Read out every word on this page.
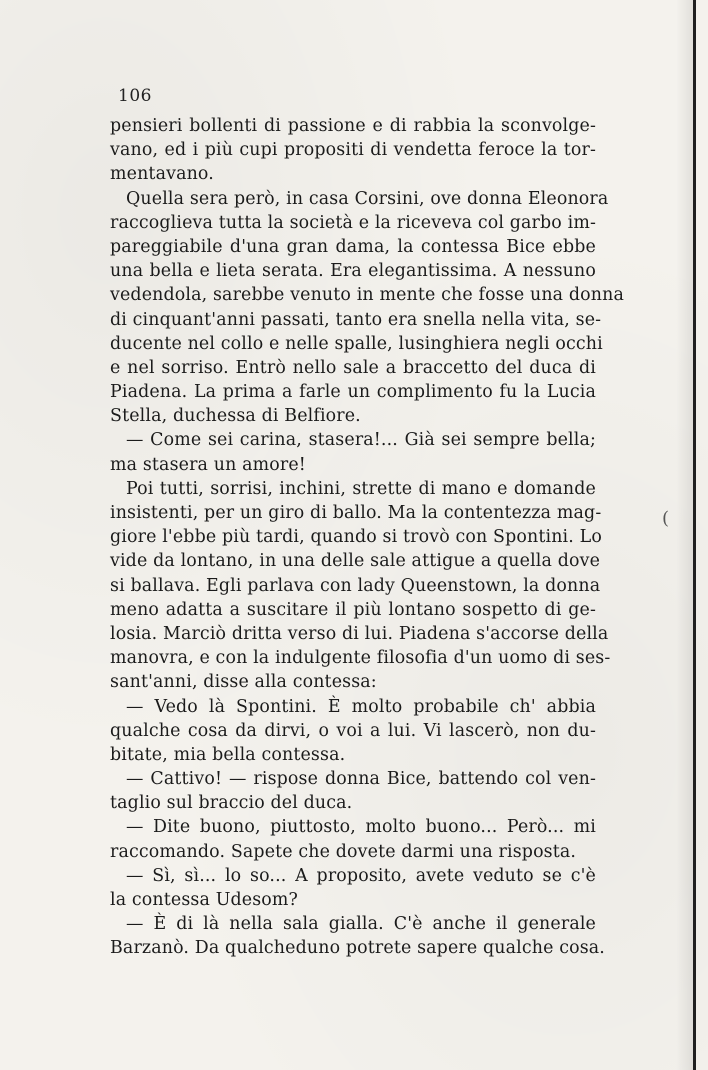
(
106
pensieri bollenti di passione e di rabbia la sconvolge-
vano, ed i più cupi propositi di vendetta feroce la tor-
mentavano.
Quella sera però, in casa Corsini, ove donna Eleonora
raccoglieva tutta la società e la riceveva col garbo im-
pareggiabile d'una gran dama, la contessa Bice ebbe
una bella e lieta serata. Era elegantissima. A nessuno
vedendola, sarebbe venuto in mente che fosse una donna
di cinquant'anni passati, tanto era snella nella vita, se-
ducente nel collo e nelle spalle, lusinghiera negli occhi
e nel sorriso. Entrò nello sale a braccetto del duca di
Piadena. La prima a farle un complimento fu la Lucia
Stella, duchessa di Belfiore.
— Come sei carina, stasera!... Già sei sempre bella;
ma stasera un amore!
Poi tutti, sorrisi, inchini, strette di mano e domande
insistenti, per un giro di ballo. Ma la contentezza mag-
giore l'ebbe più tardi, quando si trovò con Spontini. Lo
vide da lontano, in una delle sale attigue a quella dove
si ballava. Egli parlava con lady Queenstown, la donna
meno adatta a suscitare il più lontano sospetto di ge-
losia. Marciò dritta verso di lui. Piadena s'accorse della
manovra, e con la indulgente filosofia d'un uomo di ses-
sant'anni, disse alla contessa:
— Vedo là Spontini. È molto probabile ch' abbia
qualche cosa da dirvi, o voi a lui. Vi lascerò, non du-
bitate, mia bella contessa.
— Cattivo! — rispose donna Bice, battendo col ven-
taglio sul braccio del duca.
— Dite buono, piuttosto, molto buono... Però... mi
raccomando. Sapete che dovete darmi una risposta.
— Sì, sì... lo so... A proposito, avete veduto se c'è
la contessa Udesom?
— È di là nella sala gialla. C'è anche il generale
Barzanò. Da qualcheduno potrete sapere qualche cosa.
